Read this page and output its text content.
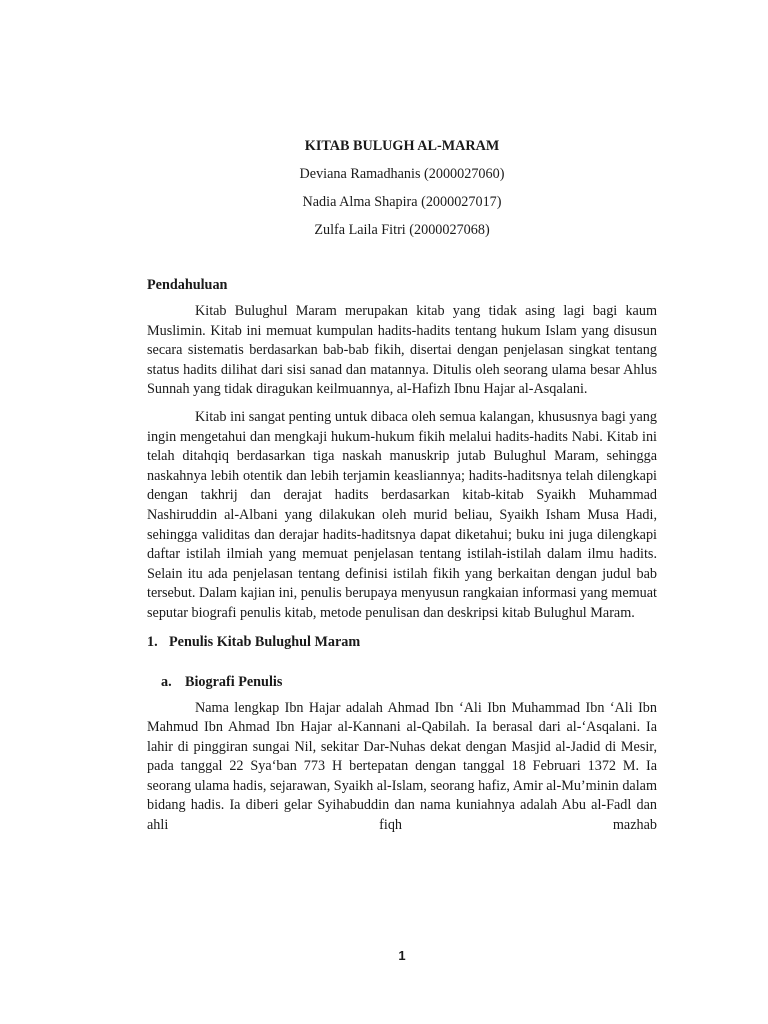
KITAB BULUGH AL-MARAM

Deviana Ramadhanis (2000027060)

Nadia Alma Shapira (2000027017)

Zulfa Laila Fitri (2000027068)

Pendahuluan

Kitab Bulughul Maram merupakan kitab yang tidak asing lagi bagi kaum Muslimin. Kitab ini memuat kumpulan hadits-hadits tentang hukum Islam yang disusun secara sistematis berdasarkan bab-bab fikih, disertai dengan penjelasan singkat tentang status hadits dilihat dari sisi sanad dan matannya. Ditulis oleh seorang ulama besar Ahlus Sunnah yang tidak diragukan keilmuannya, al-Hafizh Ibnu Hajar al-Asqalani.

Kitab ini sangat penting untuk dibaca oleh semua kalangan, khususnya bagi yang ingin mengetahui dan mengkaji hukum-hukum fikih melalui hadits-hadits Nabi. Kitab ini telah ditahqiq berdasarkan tiga naskah manuskrip jutab Bulughul Maram, sehingga naskahnya lebih otentik dan lebih terjamin keasliannya; hadits-haditsnya telah dilengkapi dengan takhrij dan derajat hadits berdasarkan kitab-kitab Syaikh Muhammad Nashiruddin al-Albani yang dilakukan oleh murid beliau, Syaikh Isham Musa Hadi, sehingga validitas dan derajar hadits-haditsnya dapat diketahui; buku ini juga dilengkapi daftar istilah ilmiah yang memuat penjelasan tentang istilah-istilah dalam ilmu hadits. Selain itu ada penjelasan tentang definisi istilah fikih yang berkaitan dengan judul bab tersebut. Dalam kajian ini, penulis berupaya menyusun rangkaian informasi yang memuat seputar biografi penulis kitab, metode penulisan dan deskripsi kitab Bulughul Maram.

1. Penulis Kitab Bulughul Maram

a. Biografi Penulis

Nama lengkap Ibn Hajar adalah Ahmad Ibn ‘Ali Ibn Muhammad Ibn ‘Ali Ibn Mahmud Ibn Ahmad Ibn Hajar al-Kannani al-Qabilah. Ia berasal dari al-‘Asqalani. Ia lahir di pinggiran sungai Nil, sekitar Dar-Nuhas dekat dengan Masjid al-Jadid di Mesir, pada tanggal 22 Sya‘ban 773 H bertepatan dengan tanggal 18 Februari 1372 M. Ia seorang ulama hadis, sejarawan, Syaikh al-Islam, seorang hafiz, Amir al-Mu’minin dalam bidang hadis. Ia diberi gelar Syihabuddin dan nama kuniahnya adalah Abu al-Fadl dan ahli fiqh mazhab

1
